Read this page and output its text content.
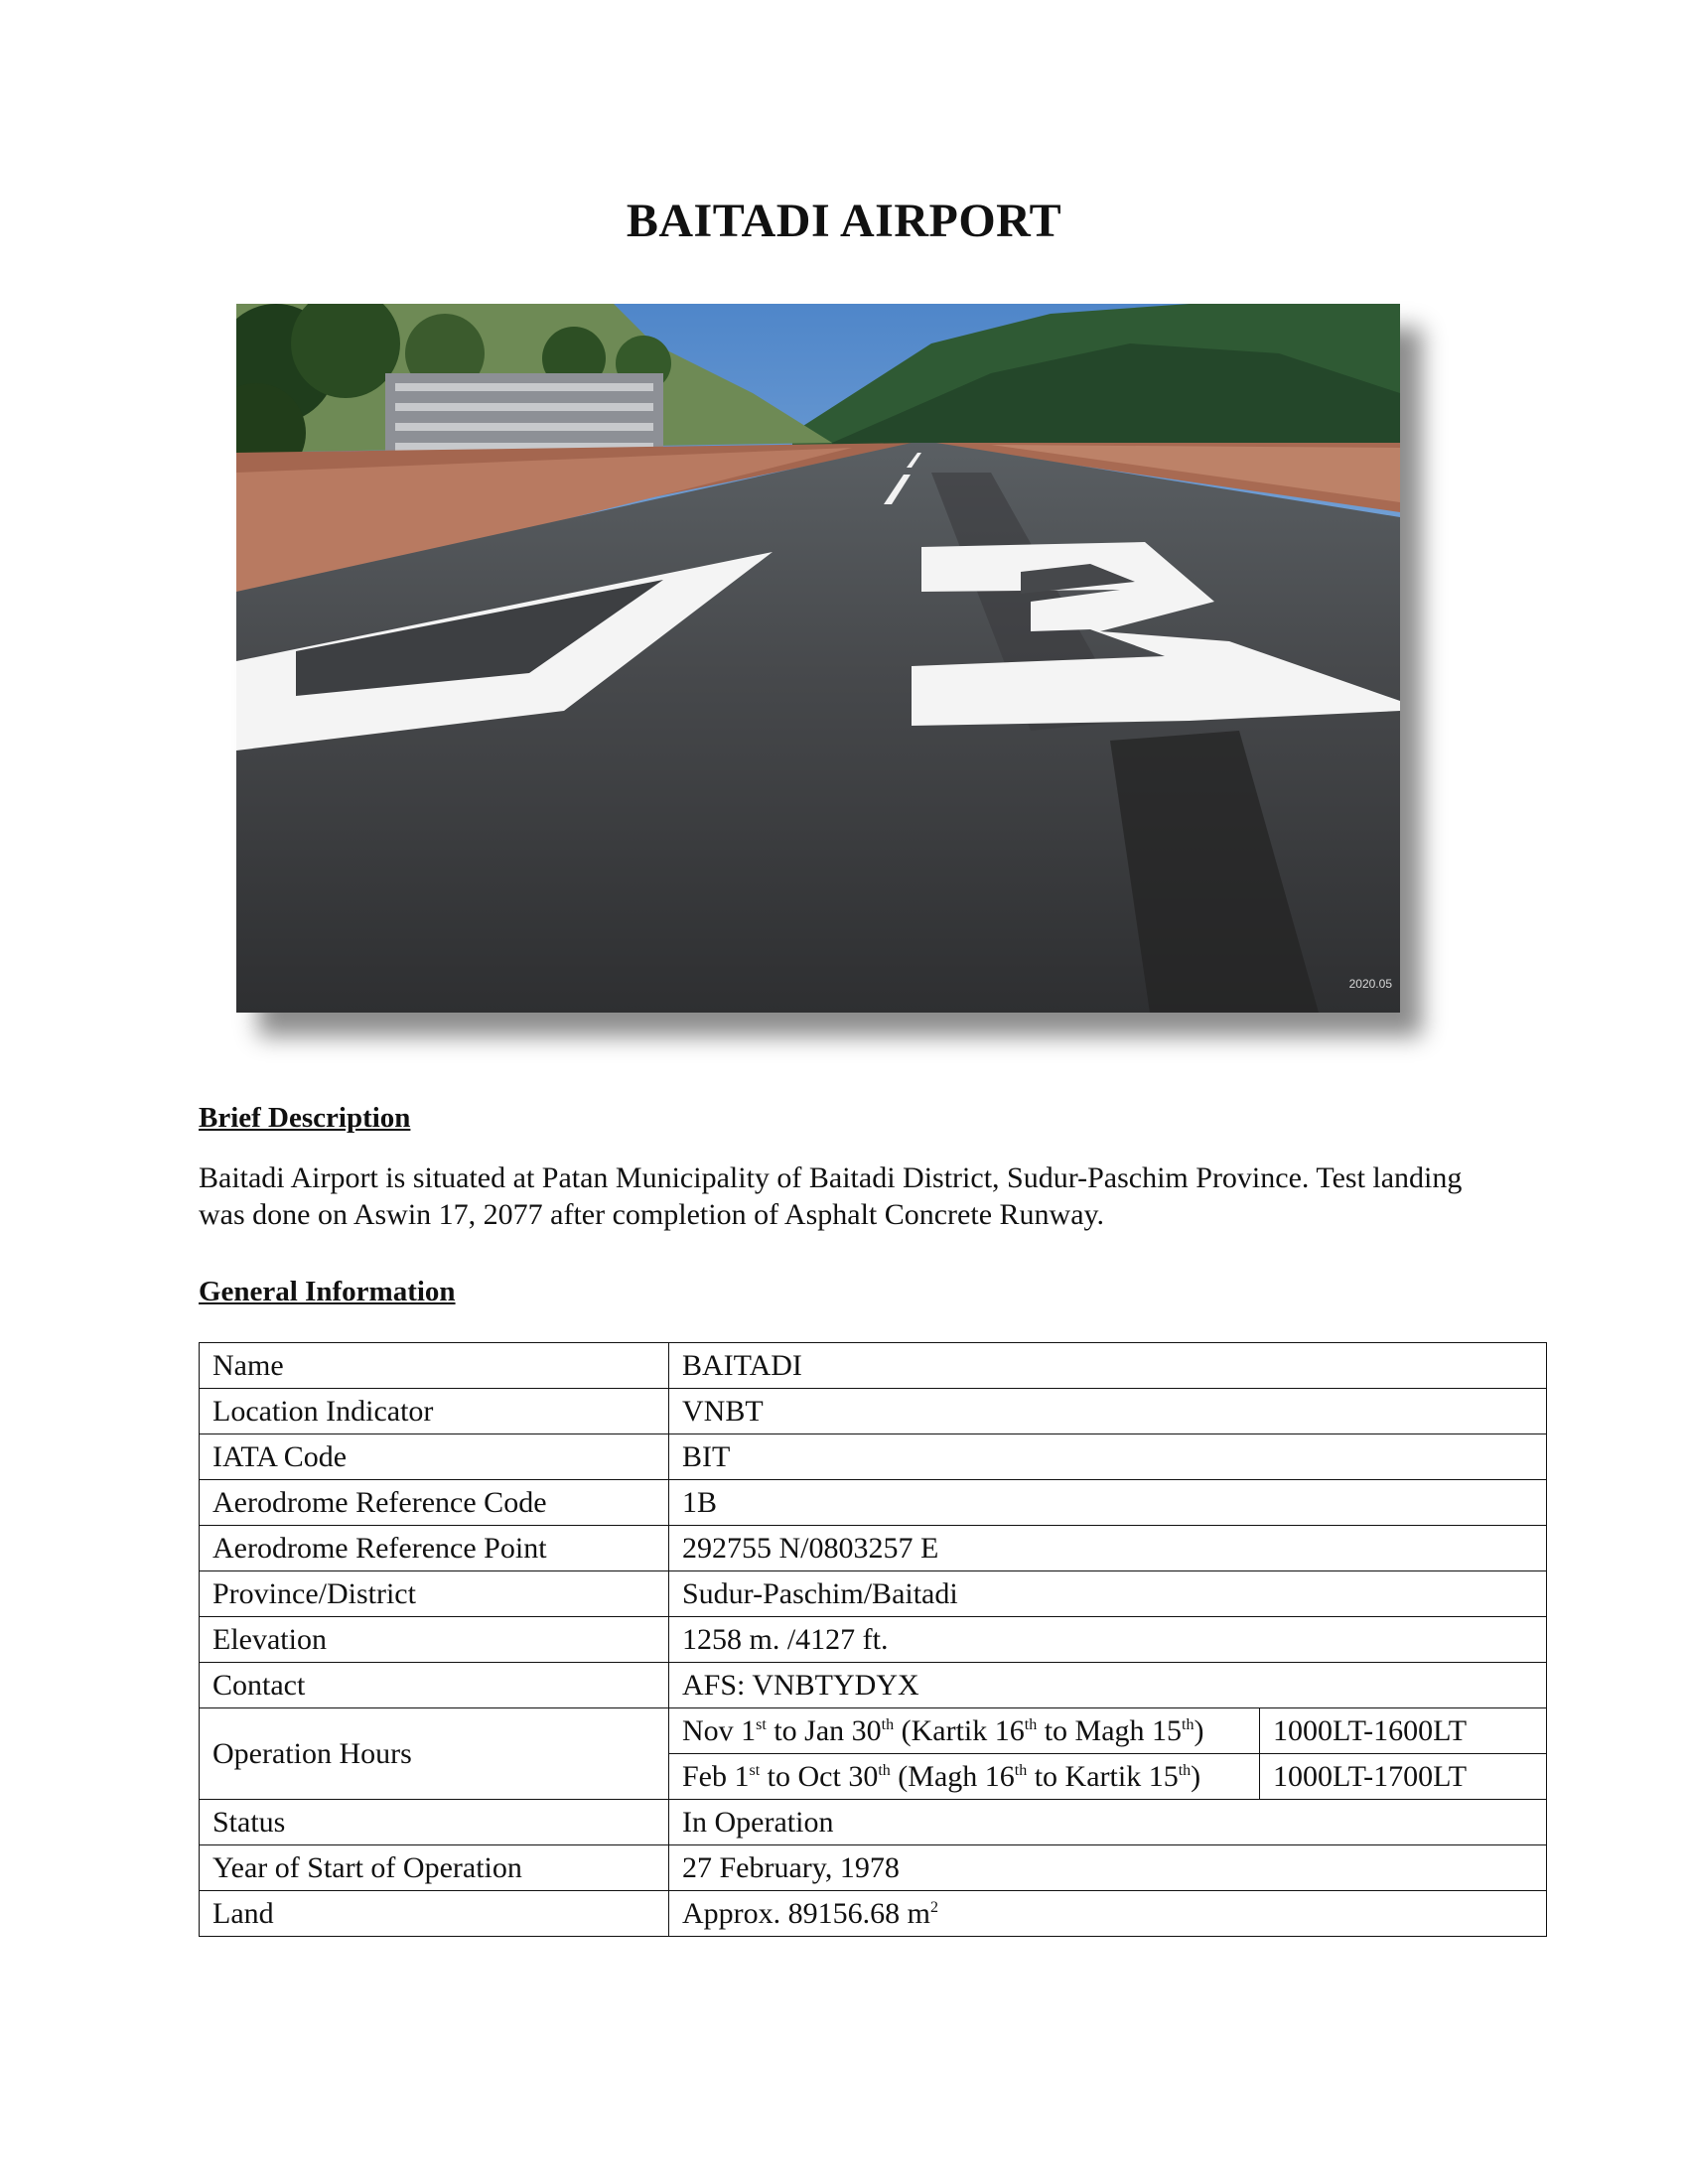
BAITADI AIRPORT
2020.05
Brief Description
Baitadi Airport is situated at Patan Municipality of Baitadi District, Sudur-Paschim Province. Test landing was done on Aswin 17, 2077 after completion of Asphalt Concrete Runway.
General Information
Name	BAITADI	
Location Indicator	VNBT	
IATA Code	BIT	
Aerodrome Reference Code	1B	
Aerodrome Reference Point	292755 N/0803257 E	
Province/District	Sudur-Paschim/Baitadi	
Elevation	1258 m. /4127 ft.	
Contact	AFS: VNBTYDYX	
Operation Hours	Nov 1st to Jan 30th (Kartik 16th to Magh 15th)	1000LT-1600LT
	Feb 1st to Oct 30th (Magh 16th to Kartik 15th)	1000LT-1700LT
Status	In Operation	
Year of Start of Operation	27 February, 1978	
Land	Approx. 89156.68 $m^2$
